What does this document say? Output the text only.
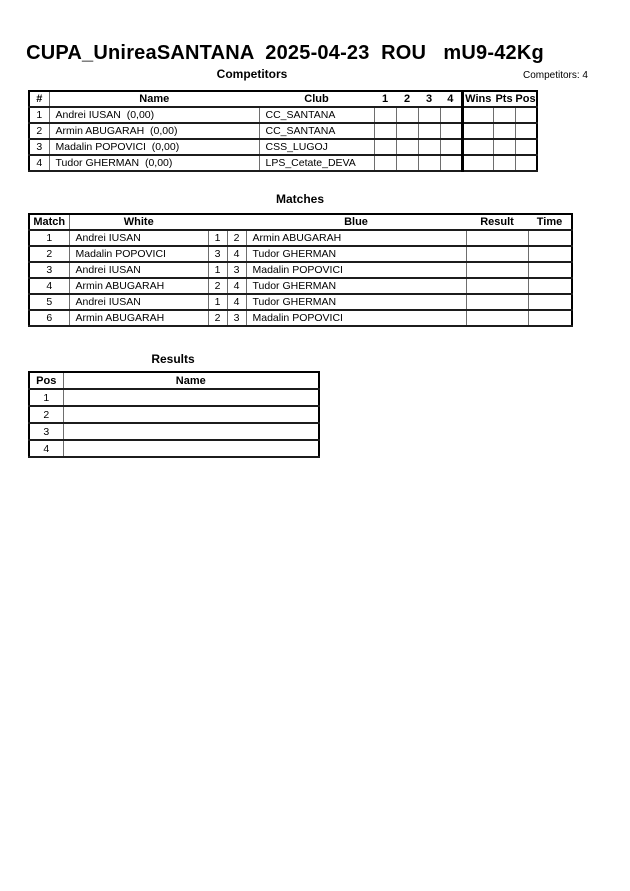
CUPA_UnireaSANTANA  2025-04-23  ROU   mU9-42Kg
Competitors	Competitors: 4
#	Name	Club	1	2	3	4	Wins	Pts	Pos
1	Andrei IUSAN  (0,00)	CC_SANTANA							
2	Armin ABUGARAH  (0,00)	CC_SANTANA							
3	Madalin POPOVICI  (0,00)	CSS_LUGOJ							
4	Tudor GHERMAN  (0,00)	LPS_Cetate_DEVA							
Matches
Match	White			Blue	Result	Time
1	Andrei IUSAN	1	2	Armin ABUGARAH		
2	Madalin POPOVICI	3	4	Tudor GHERMAN		
3	Andrei IUSAN	1	3	Madalin POPOVICI		
4	Armin ABUGARAH	2	4	Tudor GHERMAN		
5	Andrei IUSAN	1	4	Tudor GHERMAN		
6	Armin ABUGARAH	2	3	Madalin POPOVICI		
Results
Pos	Name
1	
2	
3	
4	
